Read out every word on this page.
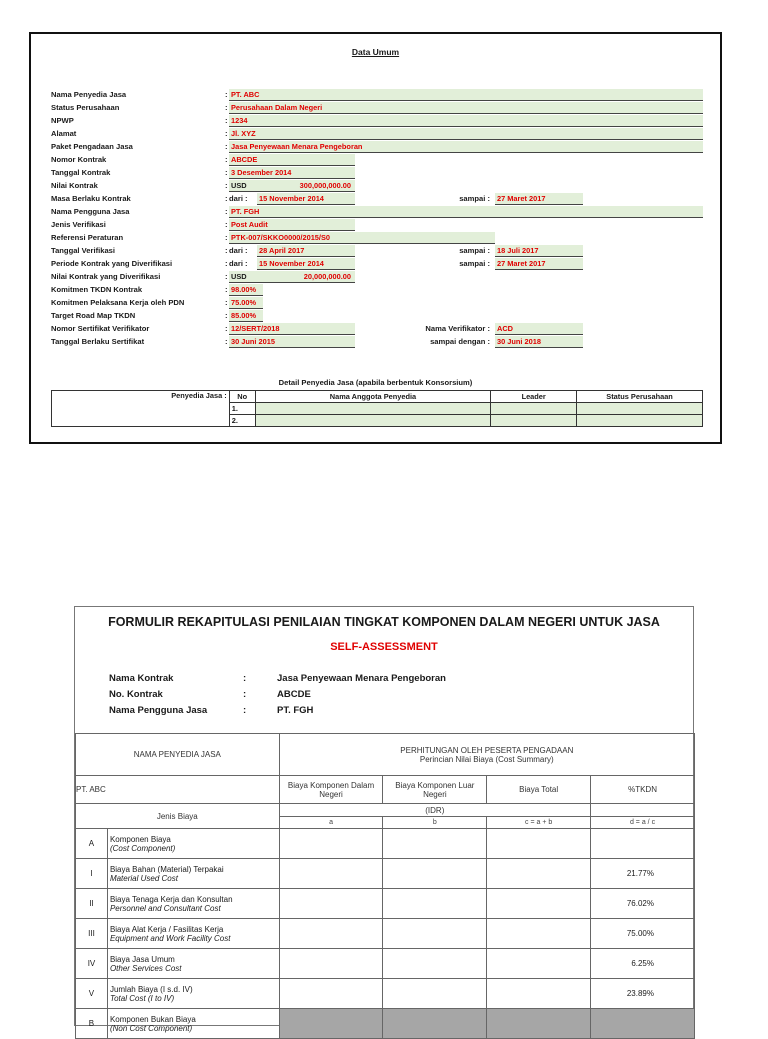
Data Umum
Nama Penyedia Jasa	: PT. ABC
Status Perusahaan	: Perusahaan Dalam Negeri
NPWP	: 1234
Alamat	: Jl. XYZ
Paket Pengadaan Jasa	: Jasa Penyewaan Menara Pengeboran
Nomor Kontrak	: ABCDE
Tanggal Kontrak	: 3 Desember 2014
Nilai Kontrak	: USD	300,000,000.00
Masa Berlaku Kontrak	: dari : 15 November 2014	sampai : 27 Maret 2017
Nama Pengguna Jasa	: PT. FGH
Jenis Verifikasi	: Post Audit
Referensi Peraturan	: PTK-007/SKKO0000/2015/S0
Tanggal Verifikasi	: dari : 28 April 2017	sampai : 18 Juli 2017
Periode Kontrak yang Diverifikasi	: dari : 15 November 2014	sampai : 27 Maret 2017
Nilai Kontrak yang Diverifikasi	: USD	20,000,000.00
Komitmen TKDN Kontrak	: 98.00%
Komitmen Pelaksana Kerja oleh PDN	: 75.00%
Target Road Map TKDN	: 85.00%
Nomor Sertifikat Verifikator	: 12/SERT/2018	Nama Verifikator : ACD
Tanggal Berlaku Sertifikat	: 30 Juni 2015	sampai dengan : 30 Juni 2018
Detail Penyedia Jasa (apabila berbentuk Konsorsium)
Penyedia Jasa :	No	Nama Anggota Penyedia	Leader	Status Perusahaan
	1.			
	2.			
FORMULIR REKAPITULASI PENILAIAN TINGKAT KOMPONEN DALAM NEGERI UNTUK JASA
SELF-ASSESSMENT
Nama Kontrak	:	Jasa Penyewaan Menara Pengeboran
No. Kontrak	:	ABCDE
Nama Pengguna Jasa	:	PT. FGH
NAMA PENYEDIA JASA		PERHITUNGAN OLEH PESERTA PENGADAAN
Perincian Nilai Biaya (Cost Summary)			

PT. ABC		Biaya Komponen Dalam Negeri	Biaya Komponen Luar Negeri	Biaya Total	%TKDN
Jenis Biaya		(IDR)			
		a	b	c = a + b	d = a / c
A	Komponen Biaya
(Cost Component)				
I	Biaya Bahan (Material) Terpakai
Material Used Cost				21.77%
II	Biaya Tenaga Kerja dan Konsultan
Personnel and Consultant Cost				76.02%
III	Biaya Alat Kerja / Fasilitas Kerja
Equipment and Work Facility Cost				75.00%
IV	Biaya Jasa Umum
Other Services Cost				6.25%
V	Jumlah Biaya (I s.d. IV)
Total Cost (I to IV)				23.89%
B	Komponen Bukan Biaya
(Non Cost Component)				
